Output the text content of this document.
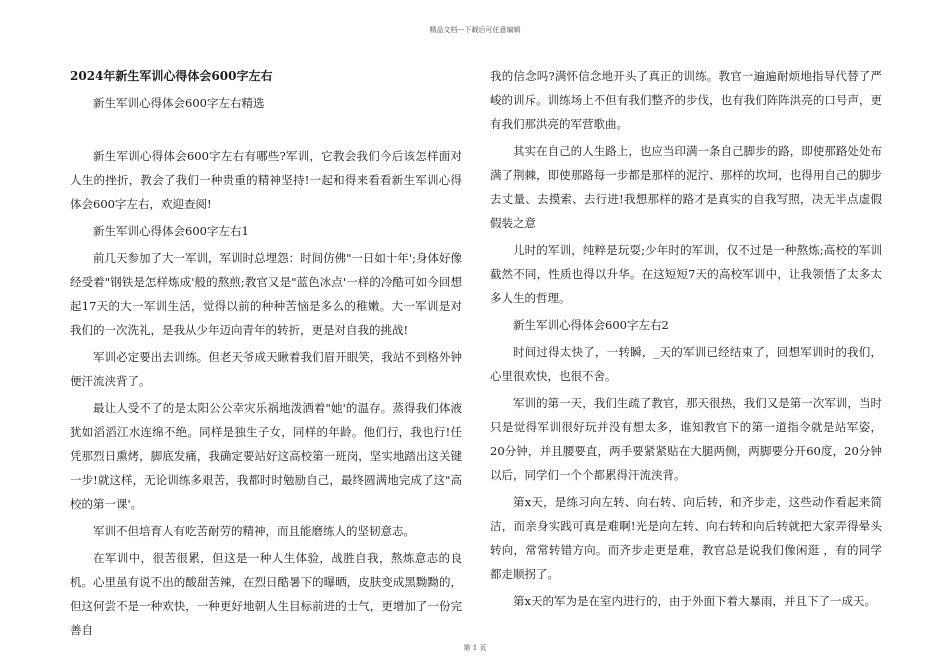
精品文档---下载后可任意编辑

2024年新生军训心得体会600字左右

新生军训心得体会600字左右精选

新生军训心得体会600字左右有哪些?军训，它教会我们今后该怎样面对人生的挫折，教会了我们一种贵重的精神坚持!一起和得来看看新生军训心得体会600字左右，欢迎查阅!

新生军训心得体会600字左右1

前几天参加了大一军训，军训时总埋怨：时间仿佛"一日如十年';身体好像经受着"钢铁是怎样炼成'般的熬煎;教官又是"蓝色冰点'一样的冷酷可如今回想起17天的大一军训生活，觉得以前的种种苦恼是多么的稚嫩。大一军训是对我们的一次洗礼，是我从少年迈向青年的转折，更是对自我的挑战!

军训必定要出去训练。但老天爷成天瞅着我们眉开眼笑，我站不到格外钟便汗流浃背了。

最让人受不了的是太阳公公幸灾乐祸地泼洒着"她'的温存。蒸得我们体液犹如滔滔江水连绵不绝。同样是独生子女，同样的年龄。他们行，我也行!任凭那烈日熏烤，脚底发痛，我确定要站好这高校第一班岗，坚实地踏出这关键一步!就这样，无论训练多艰苦，我都时时勉励自己，最终圆满地完成了这"高校的第一课'。

军训不但培育人有吃苦耐劳的精神，而且能磨练人的坚韧意志。

在军训中，很苦很累，但这是一种人生体验，战胜自我，熬炼意志的良机。心里虽有说不出的酸甜苦辣，在烈日酷暑下的曝晒，皮肤变成黑黝黝的，但这何尝不是一种欢快，一种更好地朝人生目标前进的士气，更增加了一份完善自

我的信念吗?满怀信念地开头了真正的训练。教官一遍遍耐烦地指导代替了严峻的训斥。训练场上不但有我们整齐的步伐，也有我们阵阵洪亮的口号声，更有我们那洪亮的军营歌曲。

其实在自己的人生路上，也应当印满一条自己脚步的路，即使那路处处布满了荆棘，即使那路每一步都是那样的泥泞、那样的坎坷，也得用自己的脚步去丈量、去摸索、去行进!我想那样的路才是真实的自我写照，决无半点虚假假装之意

儿时的军训，纯粹是玩耍;少年时的军训，仅不过是一种熬炼;高校的军训截然不同，性质也得以升华。在这短短7天的高校军训中，让我领悟了太多太多人生的哲理。

新生军训心得体会600字左右2

时间过得太快了，一转瞬，_天的军训已经结束了，回想军训时的我们，心里很欢快，也很不舍。

军训的第一天，我们生疏了教官，那天很热，我们又是第一次军训，当时只是觉得军训很好玩并没有想太多，谁知教官下的第一道指令就是站军姿，20分钟，并且腰要直，两手要紧紧贴在大腿两侧，两脚要分开60度，20分钟以后，同学们一个个都累得汗流浃背。

第x天，是练习向左转、向右转、向后转，和齐步走，这些动作看起来简洁，而亲身实践可真是难啊!光是向左转、向右转和向后转就把大家弄得晕头转向，常常转错方向。而齐步走更是难，教官总是说我们像闲逛 ，有的同学都走顺拐了。

第x天的军为是在室内进行的，由于外面下着大暴雨，并且下了一成天。

第 1 页
